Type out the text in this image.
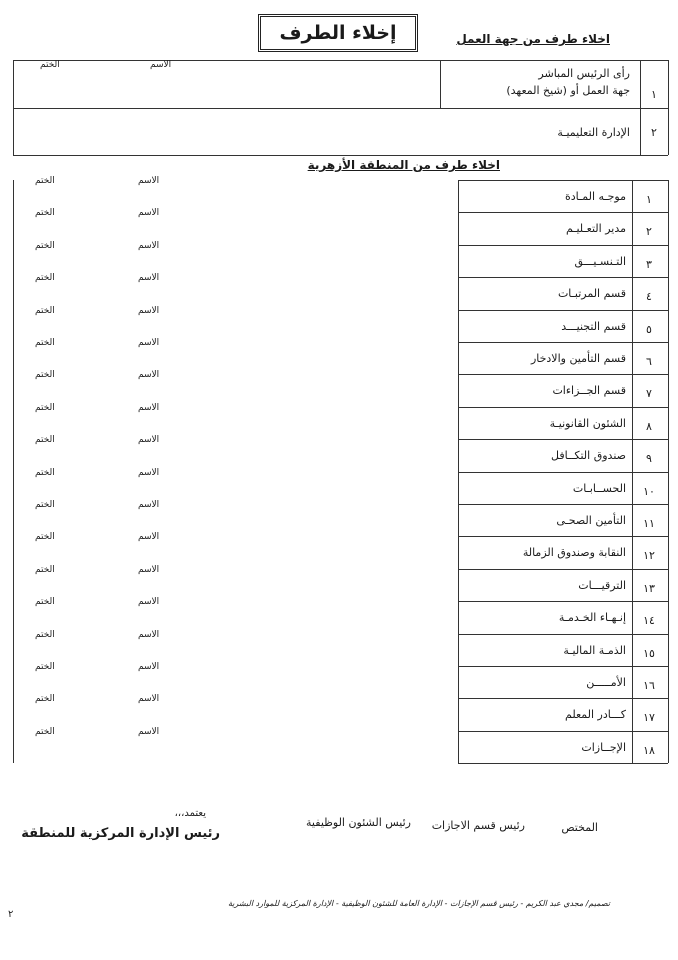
إخلاء الطرف	اخلاء طرف من جهة العمل
١
رأى الرئيس المباشر
جهة العمل أو (شيخ المعهد)
الاسم
الختم
٢
الإدارة التعليميـة
اخلاء طرف من المنطقة الأزهرية
١
موجـه المـادة
الاسم
الختم
٢
مدير التعـليـم
الاسم
الختم
٣
التـنسـيـــق
الاسم
الختم
٤
قسم المرتبـات
الاسم
الختم
٥
قسم التجنيـــد
الاسم
الختم
٦
قسم التأمين والادخار
الاسم
الختم
٧
قسم الجــزاءات
الاسم
الختم
٨
الشئون القانونيـة
الاسم
الختم
٩
صندوق التكــافل
الاسم
الختم
١٠
الحســابـات
الاسم
الختم
١١
التأمين الصحـى
الاسم
الختم
١٢
النقابة وصندوق الزمالة
الاسم
الختم
١٣
الترقيـــات
الاسم
الختم
١٤
إنـهـاء الخـدمـة
الاسم
الختم
١٥
الذمـة الماليـة
الاسم
الختم
١٦
الأمـــــن
الاسم
الختم
١٧
كـــادر المعلم
الاسم
الختم
١٨
الإجــازات
الاسم
الختم
المختص
رئيس قسم الاجازات
رئيس الشئون الوظيفية
يعتمد،،،
رئيس الإدارة المركزية للمنطقة
تصميم/ مجدي عبد الكريم - رئيس قسم الإجازات - الإدارة العامة للشئون الوظيفية - الإدارة المركزية للموارد البشرية
٢
